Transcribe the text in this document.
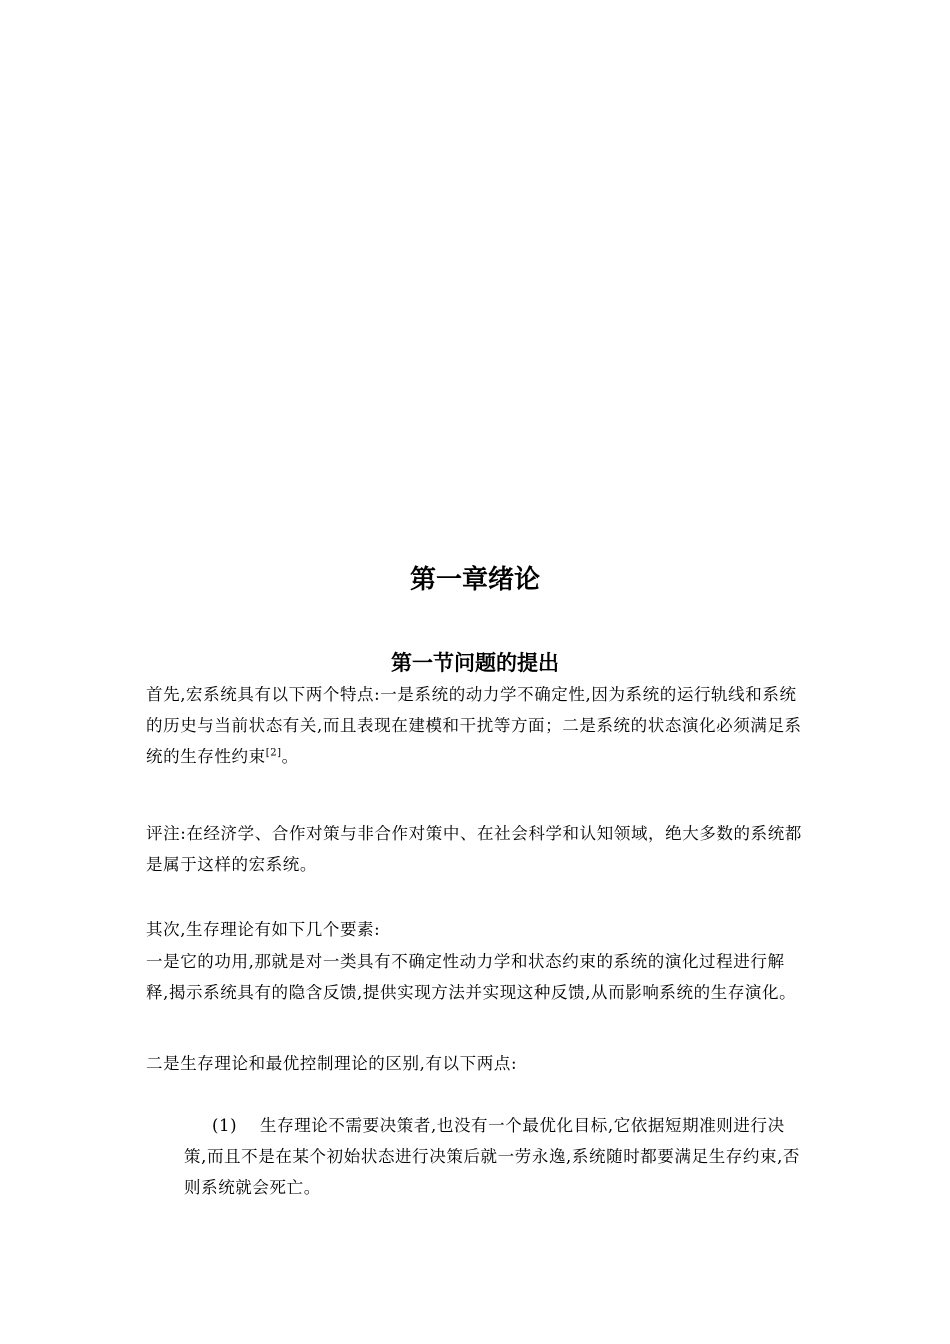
第一章绪论
第一节问题的提出

首先,宏系统具有以下两个特点:一是系统的动力学不确定性,因为系统的运行轨线和系统的历史与当前状态有关,而且表现在建模和干扰等方面；二是系统的状态演化必须满足系统的生存性约束[2]。

评注:在经济学、合作对策与非合作对策中、在社会科学和认知领域，绝大多数的系统都是属于这样的宏系统。

其次,生存理论有如下几个要素:

一是它的功用,那就是对一类具有不确定性动力学和状态约束的系统的演化过程进行解释,揭示系统具有的隐含反馈,提供实现方法并实现这种反馈,从而影响系统的生存演化。

二是生存理论和最优控制理论的区别,有以下两点:

(1) 生存理论不需要决策者,也没有一个最优化目标,它依据短期准则进行决策,而且不是在某个初始状态进行决策后就一劳永逸,系统随时都要满足生存约束,否则系统就会死亡。
